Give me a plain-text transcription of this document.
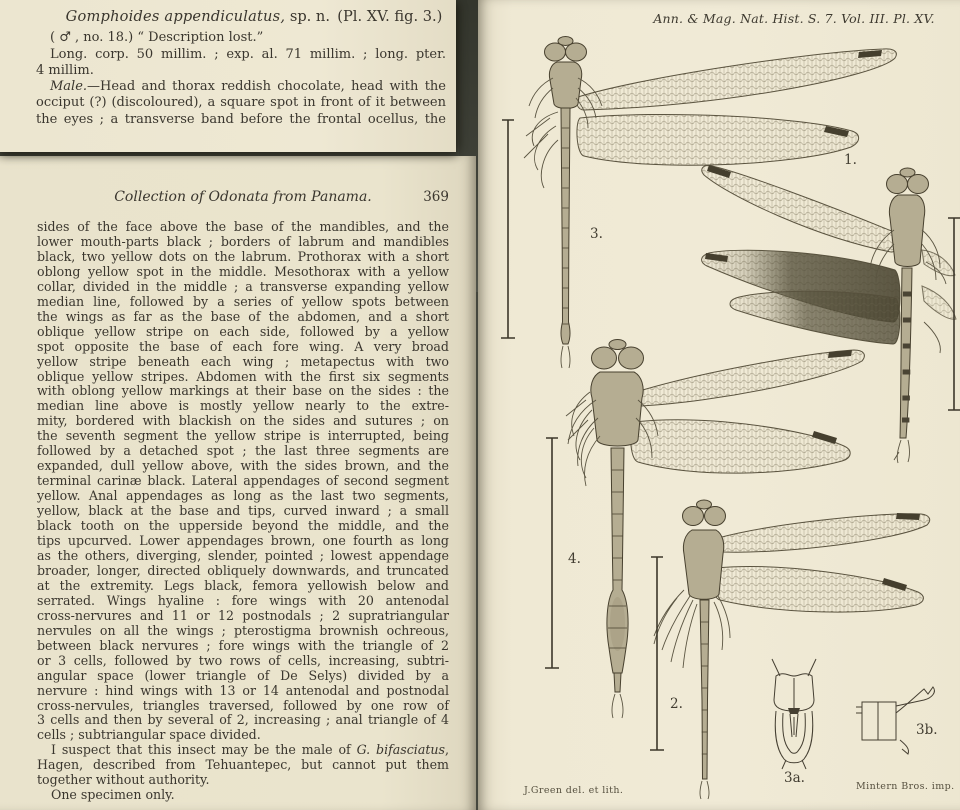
Ann. & Mag. Nat. Hist. S. 7. Vol. III. Pl. XV.
1.
2.
3.
4.
3a.
3b.
J.Green del. et lith.	Mintern Bros. imp.
Collection of Odonata from Panama.	369
sides of the face above the base of the mandibles, and the
lower mouth-parts black ; borders of labrum and mandibles
black, two yellow dots on the labrum. Prothorax with a short
oblong yellow spot in the middle. Mesothorax with a yellow
collar, divided in the middle ; a transverse expanding yellow
median line, followed by a series of yellow spots between
the wings as far as the base of the abdomen, and a short
oblique yellow stripe on each side, followed by a yellow
spot opposite the base of each fore wing. A very broad
yellow stripe beneath each wing ; metapectus with two
oblique yellow stripes. Abdomen with the first six segments
with oblong yellow markings at their base on the sides : the
median line above is mostly yellow nearly to the extre-
mity, bordered with blackish on the sides and sutures ; on
the seventh segment the yellow stripe is interrupted, being
followed by a detached spot ; the last three segments are
expanded, dull yellow above, with the sides brown, and the
terminal carinæ black. Lateral appendages of second segment
yellow. Anal appendages as long as the last two segments,
yellow, black at the base and tips, curved inward ; a small
black tooth on the upperside beyond the middle, and the
tips upcurved. Lower appendages brown, one fourth as long
as the others, diverging, slender, pointed ; lowest appendage
broader, longer, directed obliquely downwards, and truncated
at the extremity. Legs black, femora yellowish below and
serrated. Wings hyaline : fore wings with 20 antenodal
cross-nervures and 11 or 12 postnodals ; 2 supratriangular
nervules on all the wings ; pterostigma brownish ochreous,
between black nervures ; fore wings with the triangle of 2
or 3 cells, followed by two rows of cells, increasing, subtri-
angular space (lower triangle of De Selys) divided by a
nervure : hind wings with 13 or 14 antenodal and postnodal
cross-nervules, triangles traversed, followed by one row of
3 cells and then by several of 2, increasing ; anal triangle of 4
cells ; subtriangular space divided.
I suspect that this insect may be the male of G. bifasciatus,
Hagen, described from Tehuantepec, but cannot put them
together without authority.
One specimen only.
Gomphoides appendiculatus, sp. n. (Pl. XV. fig. 3.)
( ♂ , no. 18.) “ Description lost.”
Long. corp. 50 millim. ; exp. al. 71 millim. ; long. pter.
4 millim.
Male.—Head and thorax reddish chocolate, head with the
occiput (?) (discoloured), a square spot in front of it between
the eyes ; a transverse band before the frontal ocellus, the
